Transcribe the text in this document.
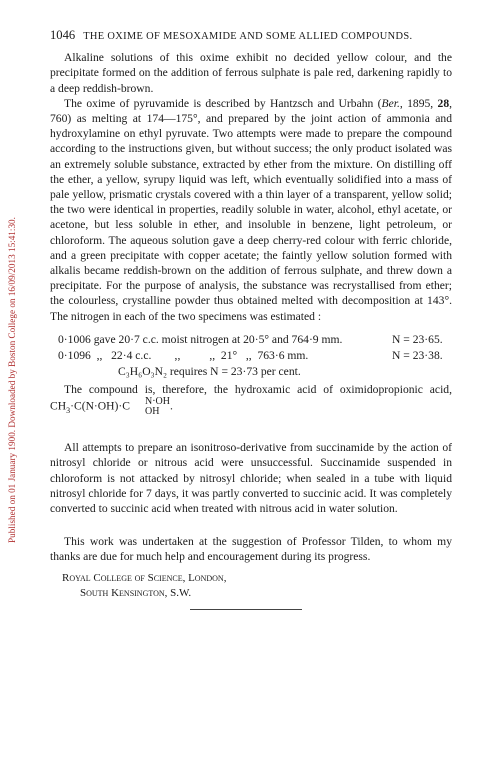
Published on 01 January 1900. Downloaded by Boston College on 16/09/2013 15:41:30.
1046 THE OXIME OF MESOXAMIDE AND SOME ALLIED COMPOUNDS.

Alkaline solutions of this oxime exhibit no decided yellow colour, and the precipitate formed on the addition of ferrous sulphate is pale red, darkening rapidly to a deep reddish-brown.

The oxime of pyruvamide is described by Hantzsch and Urbahn (Ber., 1895, 28, 760) as melting at 174—175°, and prepared by the joint action of ammonia and hydroxylamine on ethyl pyruvate. Two attempts were made to prepare the compound according to the instructions given, but without success; the only product isolated was an extremely soluble substance, extracted by ether from the mixture. On distilling off the ether, a yellow, syrupy liquid was left, which eventually solidified into a mass of pale yellow, prismatic crystals covered with a thin layer of a transparent, yellow solid; the two were identical in properties, readily soluble in water, alcohol, ethyl acetate, or acetone, but less soluble in ether, and insoluble in benzene, light petroleum, or chloroform. The aqueous solution gave a deep cherry-red colour with ferric chloride, and a green precipitate with copper acetate; the faintly yellow solution formed with alkalis became reddish-brown on the addition of ferrous sulphate, and threw down a precipitate. For the purpose of analysis, the substance was recrystallised from ether; the colourless, crystalline powder thus obtained melted with decomposition at 143°. The nitrogen in each of the two specimens was estimated :

0·1006 gave 20·7 c.c. moist nitrogen at 20·5° and 764·9 mm.	N = 23·65.
0·1096  ,,   22·4 c.c.        ,,          ,,  21°   ,,  763·6 mm.	N = 23·38.
C₃H₆O₃N₂ requires N = 23·73 per cent.

The compound is, therefore, the hydroxamic acid of oximidopropionic acid, $CH_3\cdot C(N\cdot OH)\cdot C$	N·OH
OH .

All attempts to prepare an isonitroso-derivative from succinamide by the action of nitrosyl chloride or nitrous acid were unsuccessful. Succinamide suspended in chloroform is not attacked by nitrosyl chloride; when sealed in a tube with liquid nitrosyl chloride for 7 days, it was partly converted to succinic acid. It was completely converted to succinic acid when treated with nitrous acid in water solution.

This work was undertaken at the suggestion of Professor Tilden, to whom my thanks are due for much help and encouragement during its progress.

Royal College of Science, London,
South Kensington, S.W.
